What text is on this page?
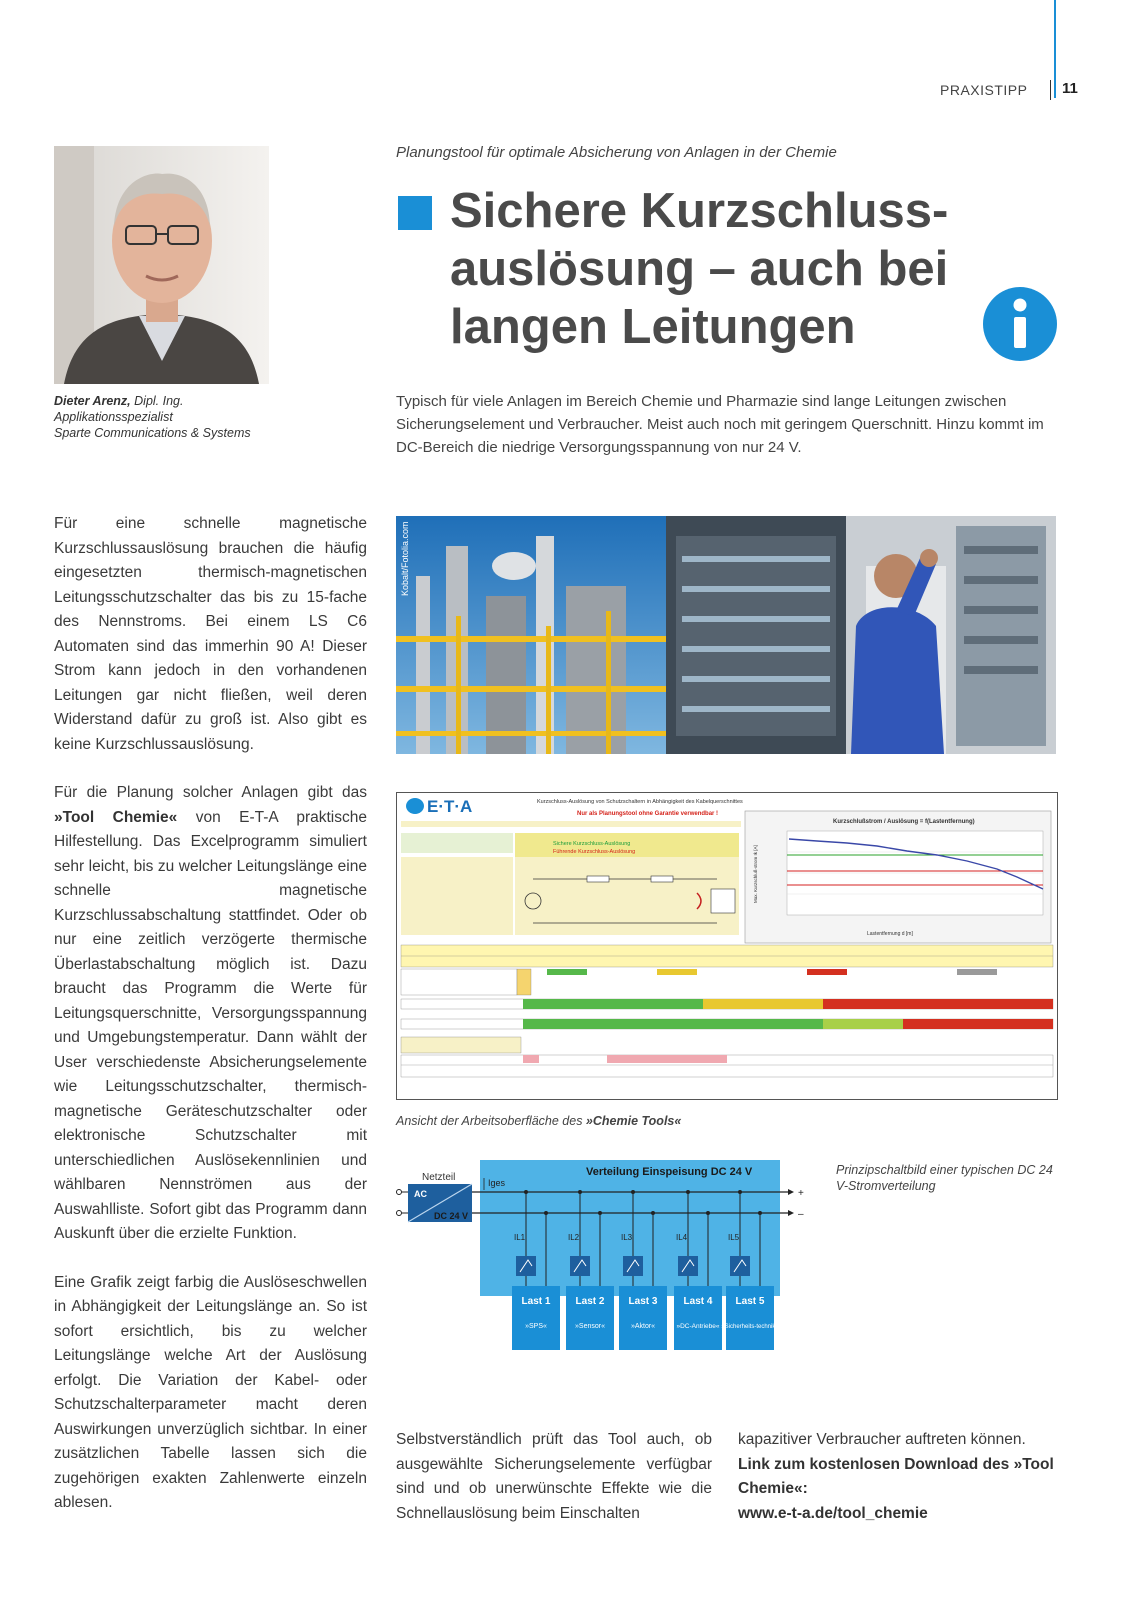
PRAXISTIPP 11
Dieter Arenz, Dipl. Ing.
Applikationsspezialist
Sparte Communications & Systems
Planungstool für optimale Absicherung von Anlagen in der Chemie
Sichere Kurzschluss-
auslösung – auch bei
langen Leitungen
Typisch für viele Anlagen im Bereich Chemie und Pharmazie sind lange Leitungen zwischen Sicherungselement und Verbraucher. Meist auch noch mit geringem Querschnitt. Hinzu kommt im DC-Bereich die niedrige Versorgungsspannung von nur 24 V.

Für eine schnelle magnetische Kurzschlussauslösung brauchen die häufig eingesetzten thermisch-magnetischen Leitungsschutzschalter das bis zu 15-fache des Nennstroms. Bei einem LS C6 Automaten sind das immerhin 90 A! Dieser Strom kann jedoch in den vorhandenen Leitungen gar nicht fließen, weil deren Widerstand dafür zu groß ist. Also gibt es keine Kurzschlussauslösung.

Für die Planung solcher Anlagen gibt das »Tool Chemie« von E-T-A praktische Hilfestellung. Das Excelprogramm simuliert sehr leicht, bis zu welcher Leitungslänge eine schnelle magnetische Kurzschlussabschaltung stattfindet. Oder ob nur eine zeitlich verzögerte thermische Überlastabschaltung möglich ist. Dazu braucht das Programm die Werte für Leitungsquerschnitte, Versorgungsspannung und Umgebungstemperatur. Dann wählt der User verschiedenste Absicherungselemente wie Leitungsschutzschalter, thermisch-magnetische Geräteschutzschalter oder elektronische Schutzschalter mit unterschiedlichen Auslösekennlinien und wählbaren Nennströmen aus der Auswahlliste. Sofort gibt das Programm dann Auskunft über die erzielte Funktion.

Eine Grafik zeigt farbig die Auslöseschwellen in Abhängigkeit der Leitungslänge an. So ist sofort ersichtlich, bis zu welcher Leitungslänge welche Art der Auslösung erfolgt. Die Variation der Kabel- oder Schutzschalterparameter macht deren Auswirkungen unverzüglich sichtbar. In einer zusätzlichen Tabelle lassen sich die zugehörigen exakten Zahlenwerte einzeln ablesen.

Kobalt/Fotolia.com
E·T·A	Kurzschluss-Auslösung von Schutzschaltern in Abhängigkeit des Kabelquerschnittes
Nur als Planungstool ohne Garantie verwendbar !
Sichere Kurzschluss-Auslösung
Führende Kurzschluss-Auslösung
Kurzschlußstrom / Auslösung = f(Lastentfernung)
Lastentfernung d [m]
Max. Kurzschluß-strom Ik [A]
Ansicht der Arbeitsoberfläche des »Chemie Tools«
Verteilung Einspeisung DC 24 V
Netzteil
AC
DC 24 V
+
–
Iges
IL1	IL2	IL3	IL4	IL5
Last 1
»SPS«
Last 2
»Sensor«
Last 3
»Aktor«
Last 4
»DC-Antriebe«
Last 5
»Sicherheits-technik«
Prinzipschaltbild einer typischen DC 24 V-Stromverteilung
Selbstverständlich prüft das Tool auch, ob ausgewählte Sicherungselemente verfügbar sind und ob unerwünschte Effekte wie die Schnellauslösung beim Einschalten
kapazitiver Verbraucher auftreten können.
Link zum kostenlosen Download des »Tool Chemie«:
www.e-t-a.de/tool_chemie
